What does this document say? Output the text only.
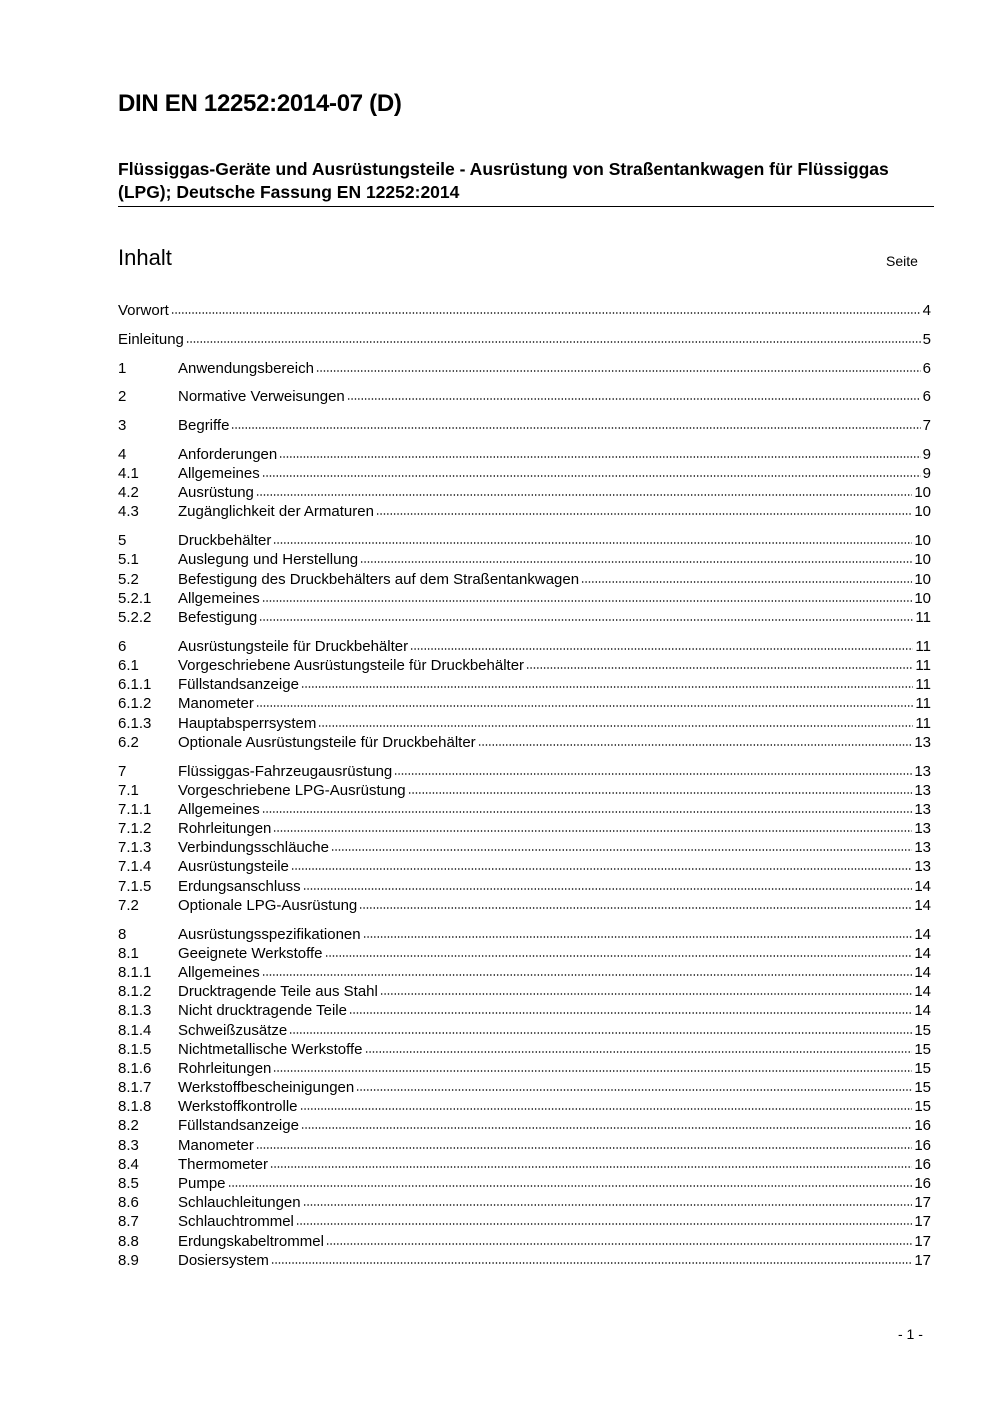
DIN EN 12252:2014-07 (D)
Flüssiggas-Geräte und Ausrüstungsteile - Ausrüstung von Straßentankwagen für Flüssiggas (LPG); Deutsche Fassung EN 12252:2014
Inhalt	Seite
Vorwort	4
Einleitung	5
1	Anwendungsbereich	6
2	Normative Verweisungen	6
3	Begriffe	7
4	Anforderungen	9
4.1	Allgemeines	9
4.2	Ausrüstung	10
4.3	Zugänglichkeit der Armaturen	10
5	Druckbehälter	10
5.1	Auslegung und Herstellung	10
5.2	Befestigung des Druckbehälters auf dem Straßentankwagen	10
5.2.1	Allgemeines	10
5.2.2	Befestigung	11
6	Ausrüstungsteile für Druckbehälter	11
6.1	Vorgeschriebene Ausrüstungsteile für Druckbehälter	11
6.1.1	Füllstandsanzeige	11
6.1.2	Manometer	11
6.1.3	Hauptabsperrsystem	11
6.2	Optionale Ausrüstungsteile für Druckbehälter	13
7	Flüssiggas-Fahrzeugausrüstung	13
7.1	Vorgeschriebene LPG-Ausrüstung	13
7.1.1	Allgemeines	13
7.1.2	Rohrleitungen	13
7.1.3	Verbindungsschläuche	13
7.1.4	Ausrüstungsteile	13
7.1.5	Erdungsanschluss	14
7.2	Optionale LPG-Ausrüstung	14
8	Ausrüstungsspezifikationen	14
8.1	Geeignete Werkstoffe	14
8.1.1	Allgemeines	14
8.1.2	Drucktragende Teile aus Stahl	14
8.1.3	Nicht drucktragende Teile	14
8.1.4	Schweißzusätze	15
8.1.5	Nichtmetallische Werkstoffe	15
8.1.6	Rohrleitungen	15
8.1.7	Werkstoffbescheinigungen	15
8.1.8	Werkstoffkontrolle	15
8.2	Füllstandsanzeige	16
8.3	Manometer	16
8.4	Thermometer	16
8.5	Pumpe	16
8.6	Schlauchleitungen	17
8.7	Schlauchtrommel	17
8.8	Erdungskabeltrommel	17
8.9	Dosiersystem	17
- 1 -
